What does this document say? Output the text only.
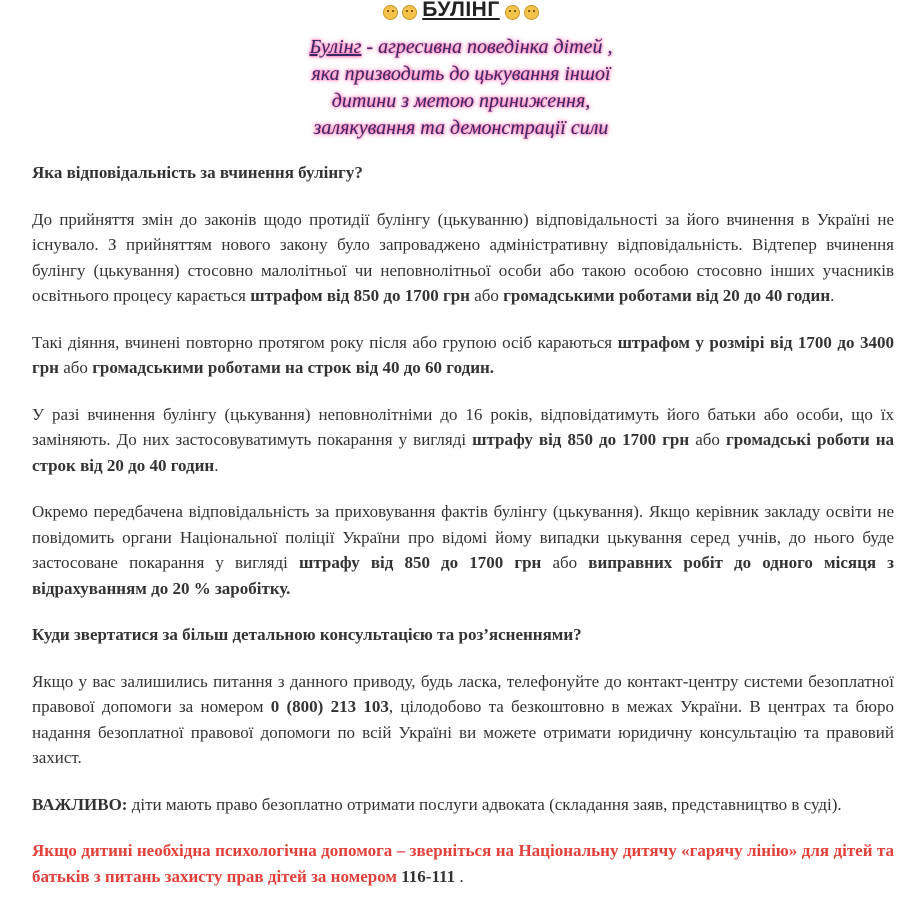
БУЛІНГ
Булінг - агресивна поведінка дітей ,
яка призводить до цькування іншої
дитини з метою приниження,
залякування та демонстрації сили

Яка відповідальність за вчинення булінгу?

До прийняття змін до законів щодо протидії булінгу (цькуванню) відповідальності за його вчинення в Україні не існувало. З прийняттям нового закону було запроваджено адміністративну відповідальність. Відтепер вчинення булінгу (цькування) стосовно малолітньої чи неповнолітньої особи або такою особою стосовно інших учасників освітнього процесу карається штрафом від 850 до 1700 грн або громадськими роботами від 20 до 40 годин.

Такі діяння, вчинені повторно протягом року після або групою осіб караються штрафом у розмірі від 1700 до 3400 грн або громадськими роботами на строк від 40 до 60 годин.

У разі вчинення булінгу (цькування) неповнолітніми до 16 років, відповідатимуть його батьки або особи, що їх заміняють. До них застосовуватимуть покарання у вигляді штрафу від 850 до 1700 грн або громадські роботи на строк від 20 до 40 годин.

Окремо передбачена відповідальність за приховування фактів булінгу (цькування). Якщо керівник закладу освіти не повідомить органи Національної поліції України про відомі йому випадки цькування серед учнів, до нього буде застосоване покарання у вигляді штрафу від 850 до 1700 грн або виправних робіт до одного місяця з відрахуванням до 20 % заробітку.

Куди звертатися за більш детальною консультацією та роз’ясненнями?

Якщо у вас залишились питання з данного приводу, будь ласка, телефонуйте до контакт-центру системи безоплатної правової допомоги за номером 0 (800) 213 103, цілодобово та безкоштовно в межах України. В центрах та бюро надання безоплатної правової допомоги по всій Україні ви можете отримати юридичну консультацію та правовий захист.

ВАЖЛИВО: діти мають право безоплатно отримати послуги адвоката (складання заяв, представництво в суді).

Якщо дитині необхідна психологічна допомога – зверніться на Національну дитячу «гарячу лінію» для дітей та батьків з питань захисту прав дітей за номером 116-111 .
